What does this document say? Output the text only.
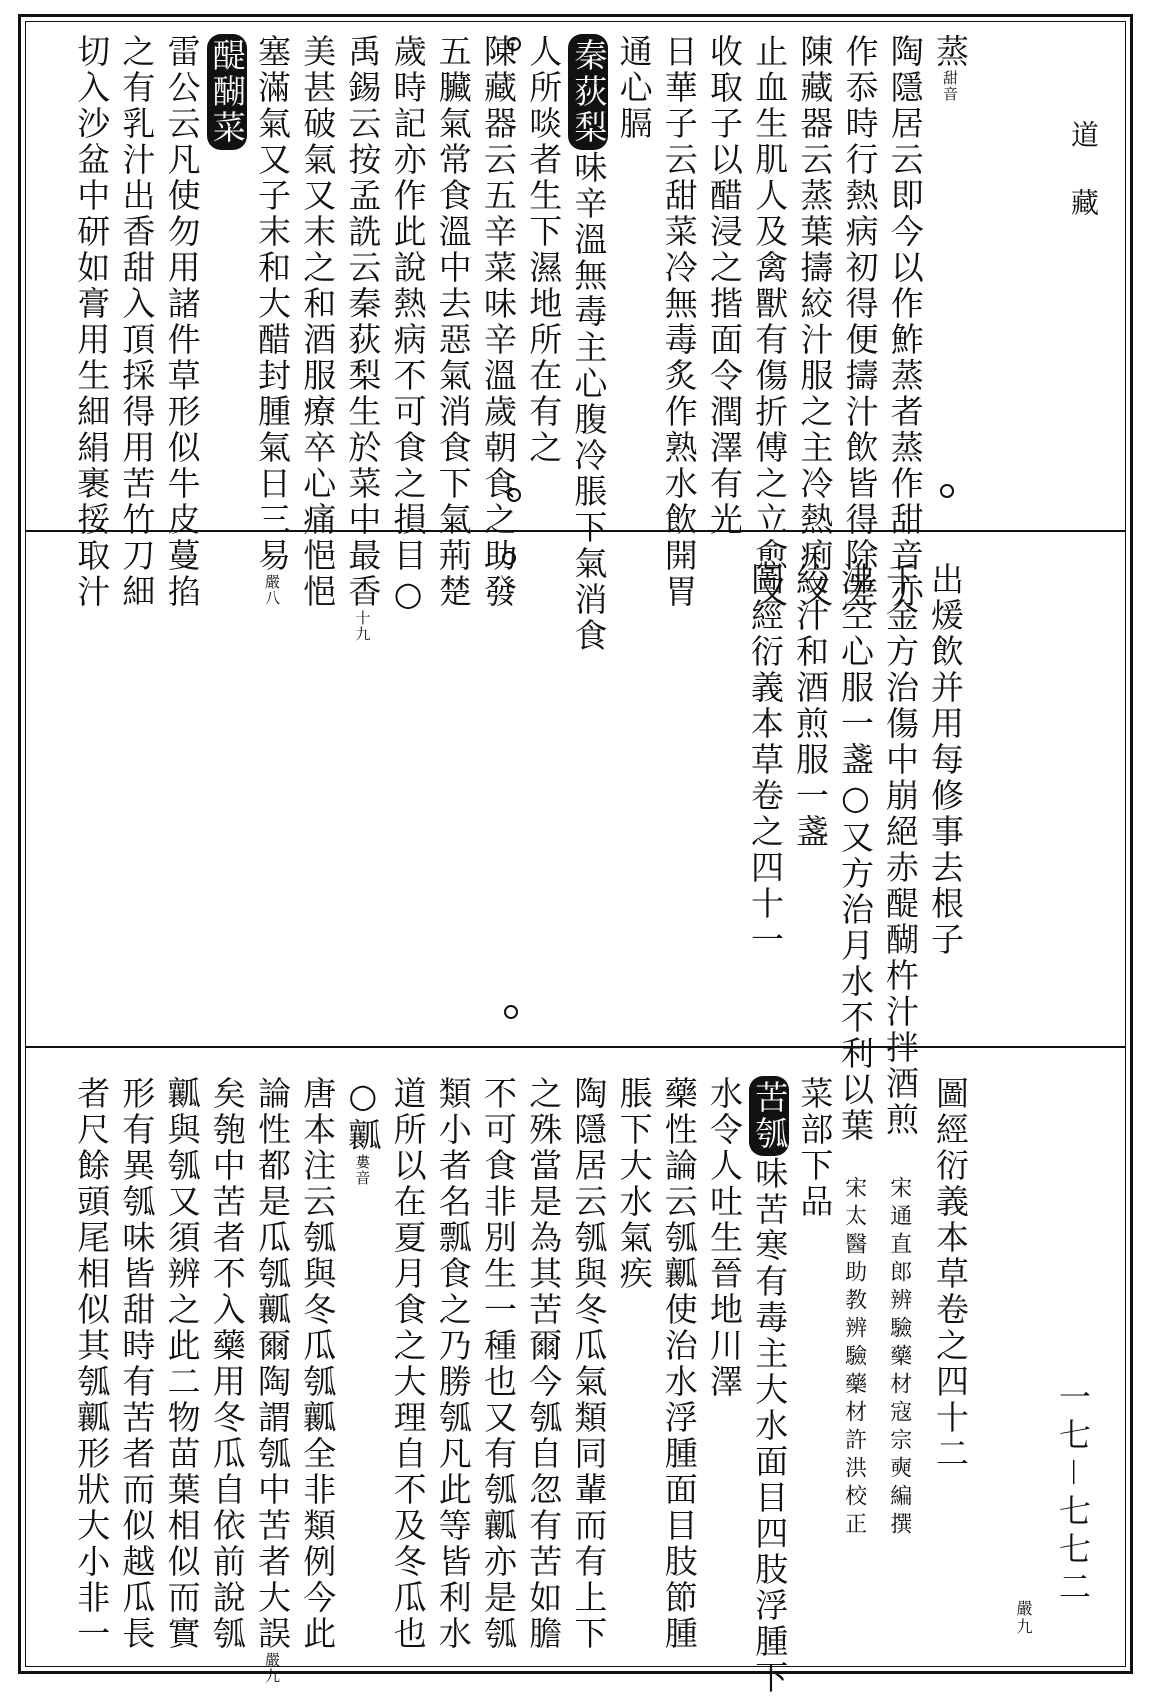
道藏
一七－七七二
蒸甜音
陶隱居云即今以作鮓蒸者蒸作甜音亦
作忝時行熱病初得便擣汁飲皆得除差
陳藏器云蒸葉擣絞汁服之主冷熱痢又
止血生肌人及禽獸有傷折傅之立愈又
收取子以醋浸之揩面令潤澤有光
日華子云甜菜冷無毒炙作熟水飲開胃
通心膈
秦荻梨味辛溫無毒主心腹冷脹下氣消食
人所啖者生下濕地所在有之
陳藏器云五辛菜味辛溫歲朝食之助發
五臟氣常食溫中去惡氣消食下氣荊楚
歲時記亦作此說熱病不可食之損目○
禹錫云按孟詵云秦荻梨生於菜中最香十九
美甚破氣又末之和酒服療卒心痛悒悒
塞滿氣又子末和大醋封腫氣日三易嚴八
醍醐菜
雷公云凡使勿用諸件草形似牛皮蔓掐
之有乳汁出香甜入頂採得用苦竹刀細
切入沙盆中研如膏用生細絹裹挼取汁
出煖飲并用每修事去根子
千金方治傷中崩絕赤醍醐杵汁拌酒煎
沸空心服一盞○又方治月水不利以葉
絞汁和酒煎服一盞
圖經衍義本草卷之四十一
圖經衍義本草卷之四十二
宋通直郎辨驗藥材寇宗奭編撰
宋太醫助教辨驗藥材許洪校正
菜部下品
苦瓠味苦寒有毒主大水面目四肢浮腫下
水令人吐生晉地川澤
藥性論云瓠瓤使治水浮腫面目肢節腫
脹下大水氣疾
陶隱居云瓠與冬瓜氣類同輩而有上下
之殊當是為其苦爾今瓠自忽有苦如膽
不可食非別生一種也又有瓠瓤亦是瓠
類小者名瓢食之乃勝瓠凡此等皆利水
道所以在夏月食之大理自不及冬瓜也
○瓤婁音
唐本注云瓠與冬瓜瓠瓤全非類例今此
論性都是瓜瓠瓤爾陶謂瓠中苦者大誤嚴九
矣匏中苦者不入藥用冬瓜自依前說瓠
瓤與瓠又須辨之此二物苗葉相似而實
形有異瓠味皆甜時有苦者而似越瓜長
者尺餘頭尾相似其瓠瓤形狀大小非一	嚴九
